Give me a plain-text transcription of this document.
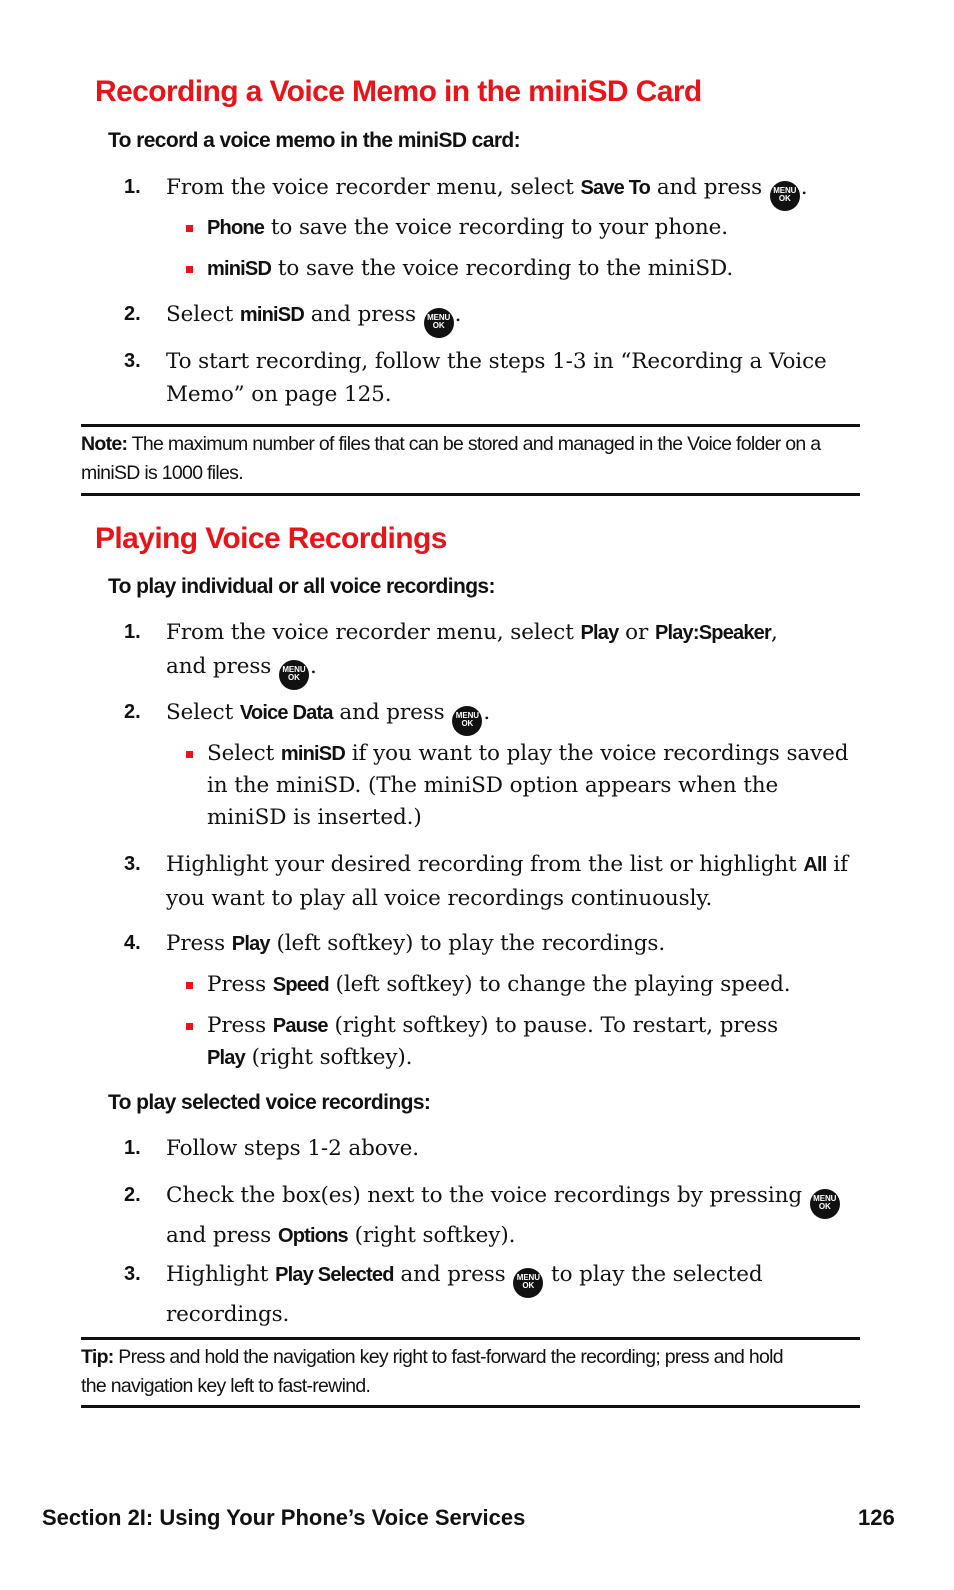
Recording a Voice Memo in the miniSD Card
To record a voice memo in the miniSD card:
1. From the voice recorder menu, select Save To and press MENU
OK .
Phone to save the voice recording to your phone.
miniSD to save the voice recording to the miniSD.
2. Select miniSD and press MENU
OK .
3. To start recording, follow the steps 1-3 in “Recording a Voice Memo” on page 125.
Note: The maximum number of files that can be stored and managed in the Voice folder on a miniSD is 1000 files.
Playing Voice Recordings
To play individual or all voice recordings:
1. From the voice recorder menu, select Play or Play:Speaker, and press MENU
OK .
2. Select Voice Data and press MENU
OK .
Select miniSD if you want to play the voice recordings saved in the miniSD. (The miniSD option appears when the miniSD is inserted.)
3. Highlight your desired recording from the list or highlight All if you want to play all voice recordings continuously.
4. Press Play (left softkey) to play the recordings.
Press Speed (left softkey) to change the playing speed.
Press Pause (right softkey) to pause. To restart, press Play (right softkey).
To play selected voice recordings:
1. Follow steps 1-2 above.
2. Check the box(es) next to the voice recordings by pressing MENU
OK and press Options (right softkey).
3. Highlight Play Selected and press MENU
OK to play the selected recordings.
Tip: Press and hold the navigation key right to fast-forward the recording; press and hold the navigation key left to fast-rewind.
Section 2I: Using Your Phone’s Voice Services	126
